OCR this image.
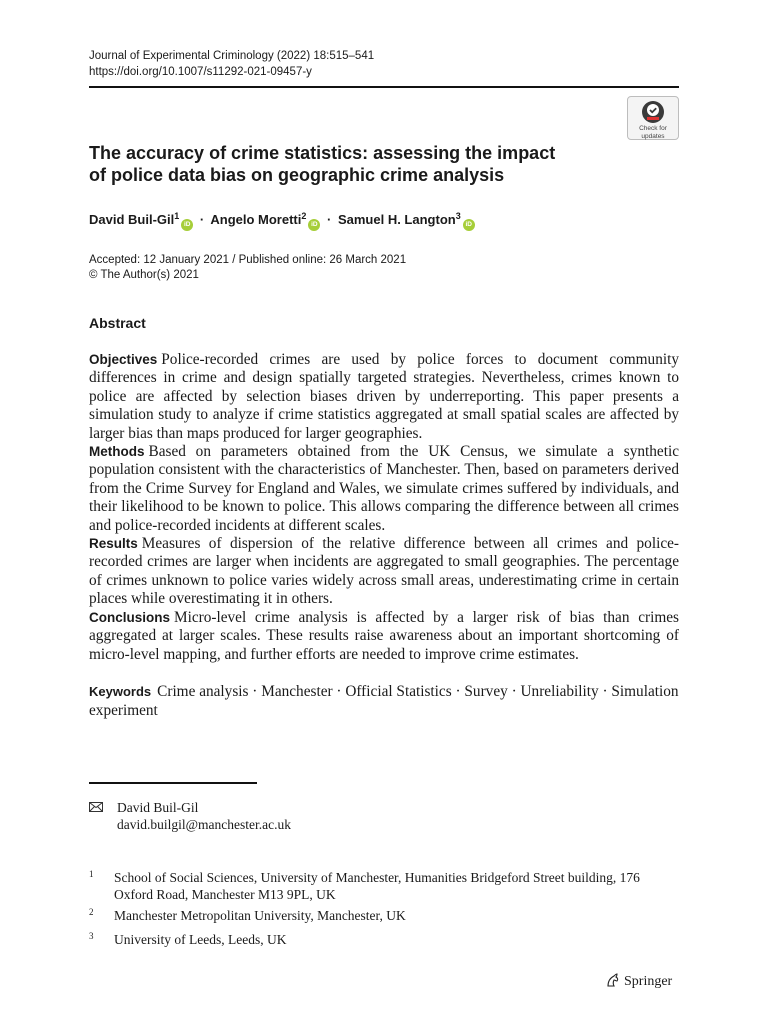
Journal of Experimental Criminology (2022) 18:515–541
https://doi.org/10.1007/s11292-021-09457-y
Check for
updates
The accuracy of crime statistics: assessing the impact
of police data bias on geographic crime analysis
David Buil-Gil$^1$iD · Angelo Moretti$^2$iD · Samuel H. Langton$^3$iD
Accepted: 12 January 2021 / Published online: 26 March 2021
© The Author(s) 2021
Abstract

Objectives Police-recorded crimes are used by police forces to document community differences in crime and design spatially targeted strategies. Nevertheless, crimes known to police are affected by selection biases driven by underreporting. This paper presents a simulation study to analyze if crime statistics aggregated at small spatial scales are affected by larger bias than maps produced for larger geographies.

Methods Based on parameters obtained from the UK Census, we simulate a synthetic population consistent with the characteristics of Manchester. Then, based on parameters derived from the Crime Survey for England and Wales, we simulate crimes suffered by individuals, and their likelihood to be known to police. This allows comparing the difference between all crimes and police-recorded incidents at different scales.

Results Measures of dispersion of the relative difference between all crimes and police-recorded crimes are larger when incidents are aggregated to small geographies. The percentage of crimes unknown to police varies widely across small areas, underestimating crime in certain places while overestimating it in others.

Conclusions Micro-level crime analysis is affected by a larger risk of bias than crimes aggregated at larger scales. These results raise awareness about an important shortcoming of micro-level mapping, and further efforts are needed to improve crime estimates.

Keywords Crime analysis · Manchester · Official Statistics · Survey · Unreliability · Simulation experiment
David Buil-Gil
david.builgil@manchester.ac.uk
1 School of Social Sciences, University of Manchester, Humanities Bridgeford Street building, 176
Oxford Road, Manchester M13 9PL, UK
2 Manchester Metropolitan University, Manchester, UK
3 University of Leeds, Leeds, UK
Springer
